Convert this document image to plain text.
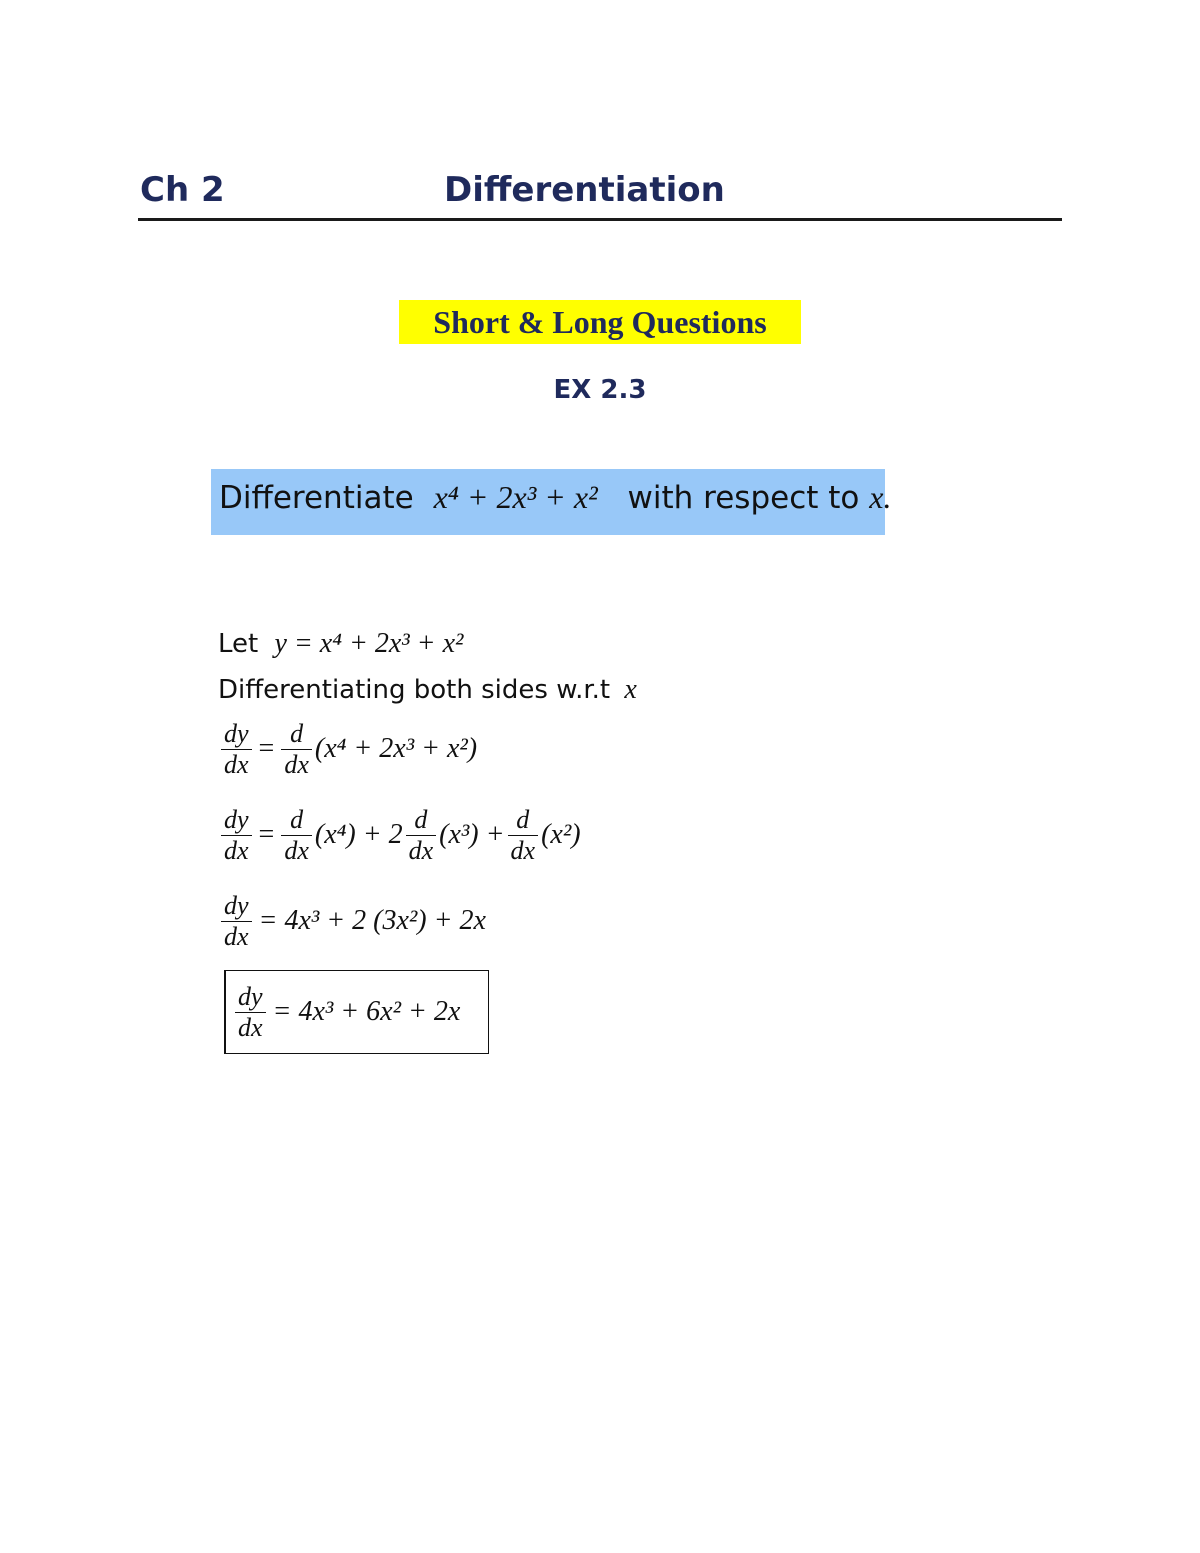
Ch 2	Differentiation
Short & Long Questions
EX 2.3
Differentiate x⁴ + 2x³ + x² with respect to x.
Let y = x⁴ + 2x³ + x²
Differentiating both sides w.r.t x
$\frac{dy}{dx} = \frac{d}{dx} (x^4 + 2x^3 + x^2)$
$\frac{dy}{dx} = \frac{d}{dx} (x^4) + 2 \frac{d}{dx} (x^3) + \frac{d}{dx} (x^2)$
$\frac{dy}{dx} = 4x^3 + 2$ (3x²) + 2x
$\frac{dy}{dx} = 4x^3 + 6x^2 + 2x$
